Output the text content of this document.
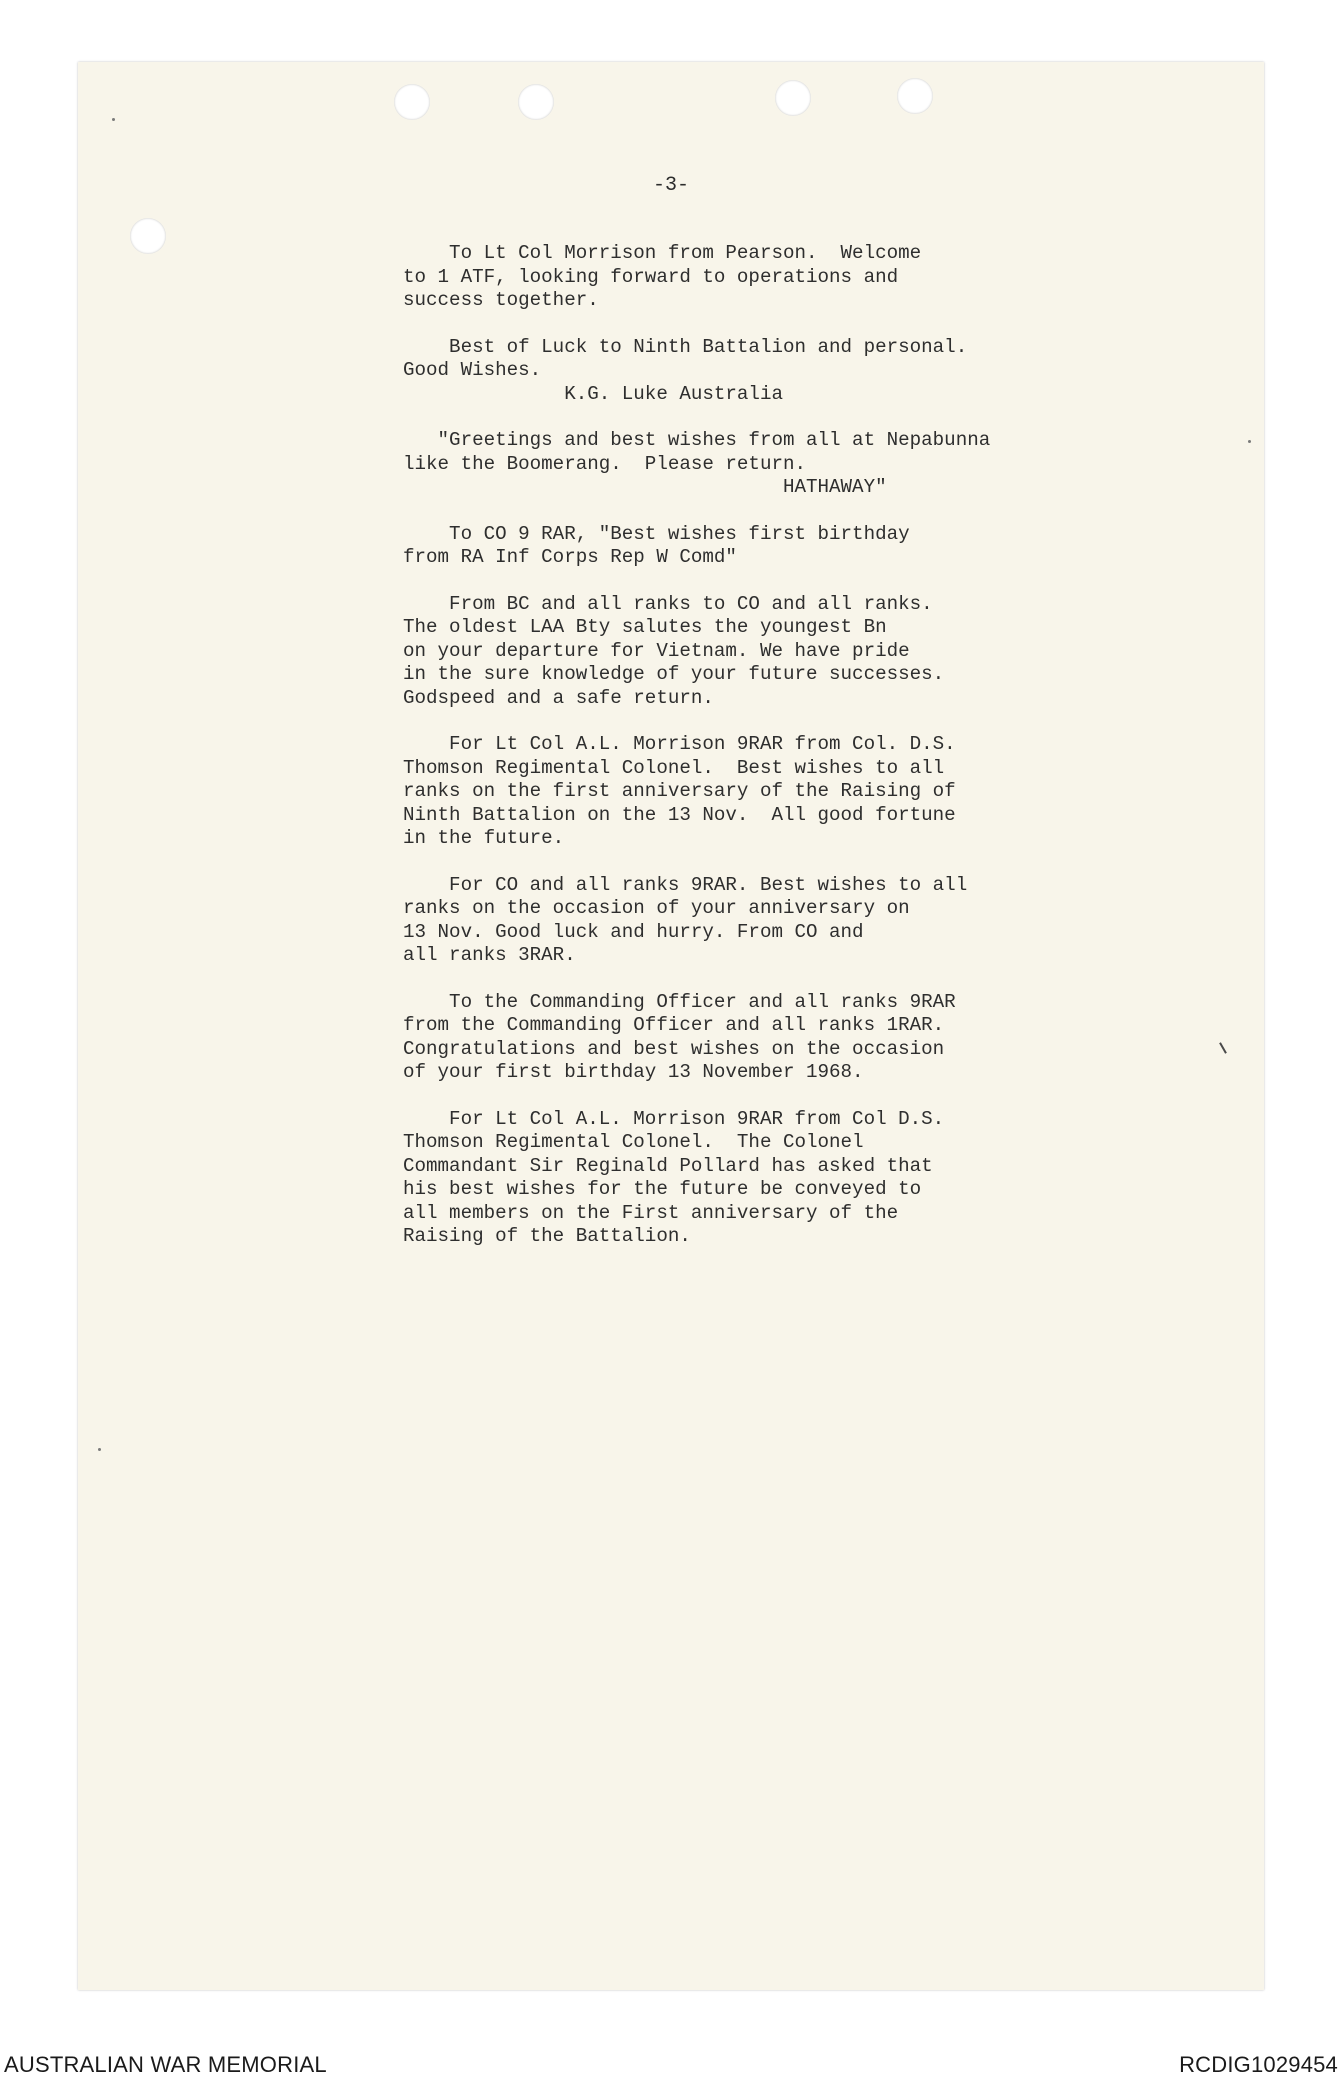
-3-
To Lt Col Morrison from Pearson.  Welcome
to 1 ATF, looking forward to operations and
success together.
Best of Luck to Ninth Battalion and personal.
Good Wishes.
K.G. Luke Australia
"Greetings and best wishes from all at Nepabunna
like the Boomerang.  Please return.
HATHAWAY"
To CO 9 RAR, "Best wishes first birthday
from RA Inf Corps Rep W Comd"
From BC and all ranks to CO and all ranks.
The oldest LAA Bty salutes the youngest Bn
on your departure for Vietnam. We have pride
in the sure knowledge of your future successes.
Godspeed and a safe return.
For Lt Col A.L. Morrison 9RAR from Col. D.S.
Thomson Regimental Colonel.  Best wishes to all
ranks on the first anniversary of the Raising of
Ninth Battalion on the 13 Nov.  All good fortune
in the future.
For CO and all ranks 9RAR. Best wishes to all
ranks on the occasion of your anniversary on
13 Nov. Good luck and hurry. From CO and
all ranks 3RAR.
To the Commanding Officer and all ranks 9RAR
from the Commanding Officer and all ranks 1RAR.
Congratulations and best wishes on the occasion
of your first birthday 13 November 1968.
For Lt Col A.L. Morrison 9RAR from Col D.S.
Thomson Regimental Colonel.  The Colonel
Commandant Sir Reginald Pollard has asked that
his best wishes for the future be conveyed to
all members on the First anniversary of the
Raising of the Battalion.
AUSTRALIAN WAR MEMORIAL	RCDIG1029454
